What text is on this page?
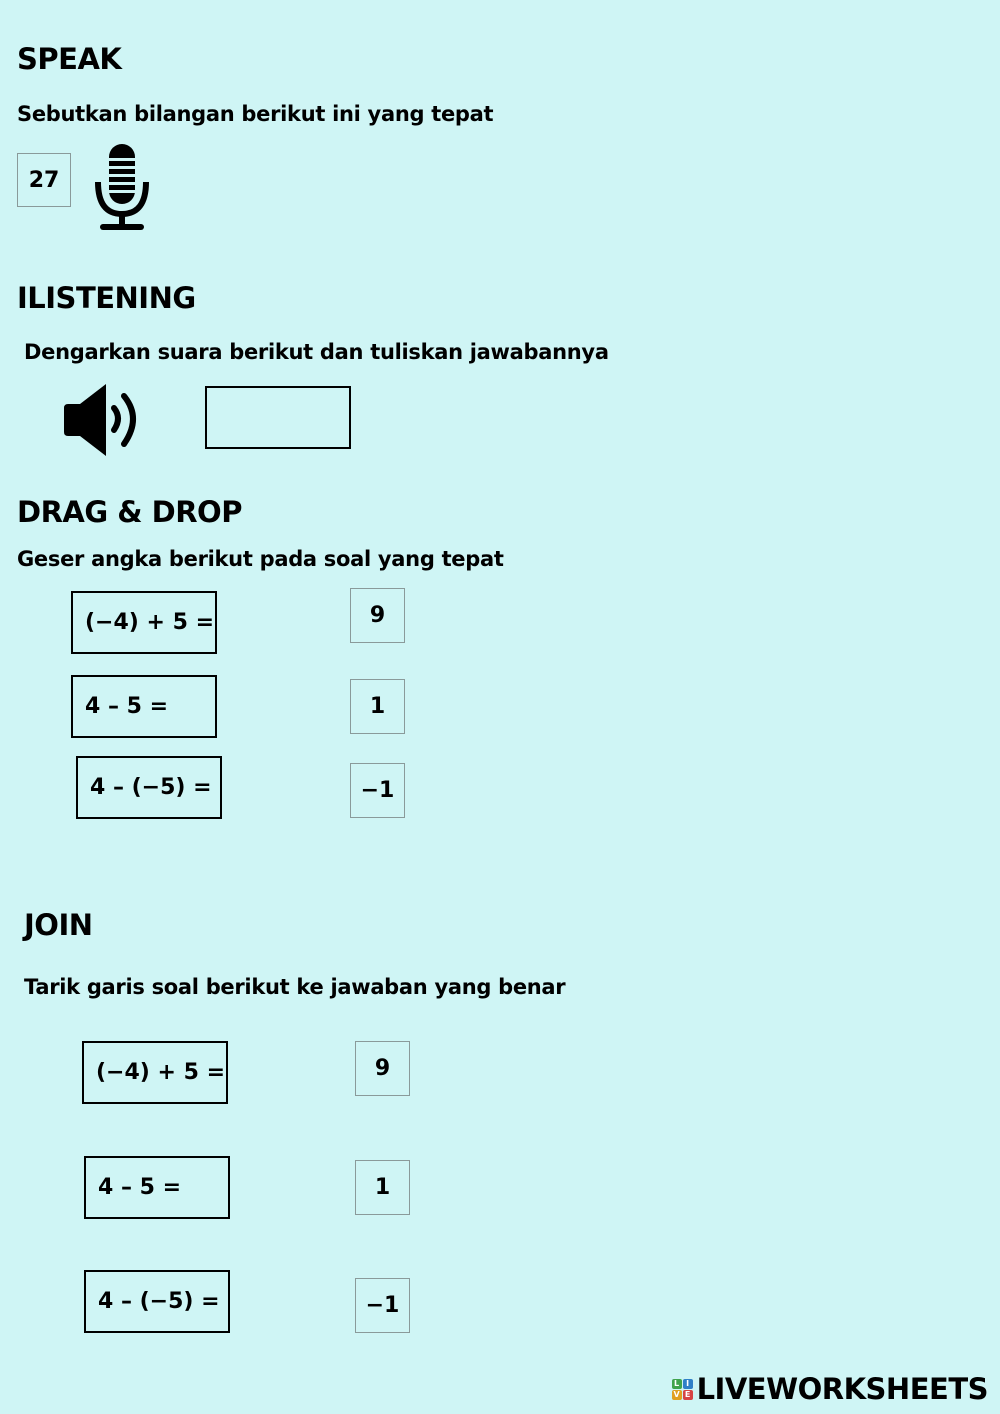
SPEAK
Sebutkan bilangan berikut ini yang tepat
27
ILISTENING
Dengarkan suara berikut dan tuliskan jawabannya
DRAG & DROP
Geser angka berikut pada soal yang tepat
(−4) + 5 =
4 – 5 =
4 – (−5) =
9
1
−1
JOIN
Tarik garis soal berikut ke jawaban yang benar
(−4) + 5 =
4 – 5 =
4 – (−5) =
9
1
−1
L I
V E LIVEWORKSHEETS
